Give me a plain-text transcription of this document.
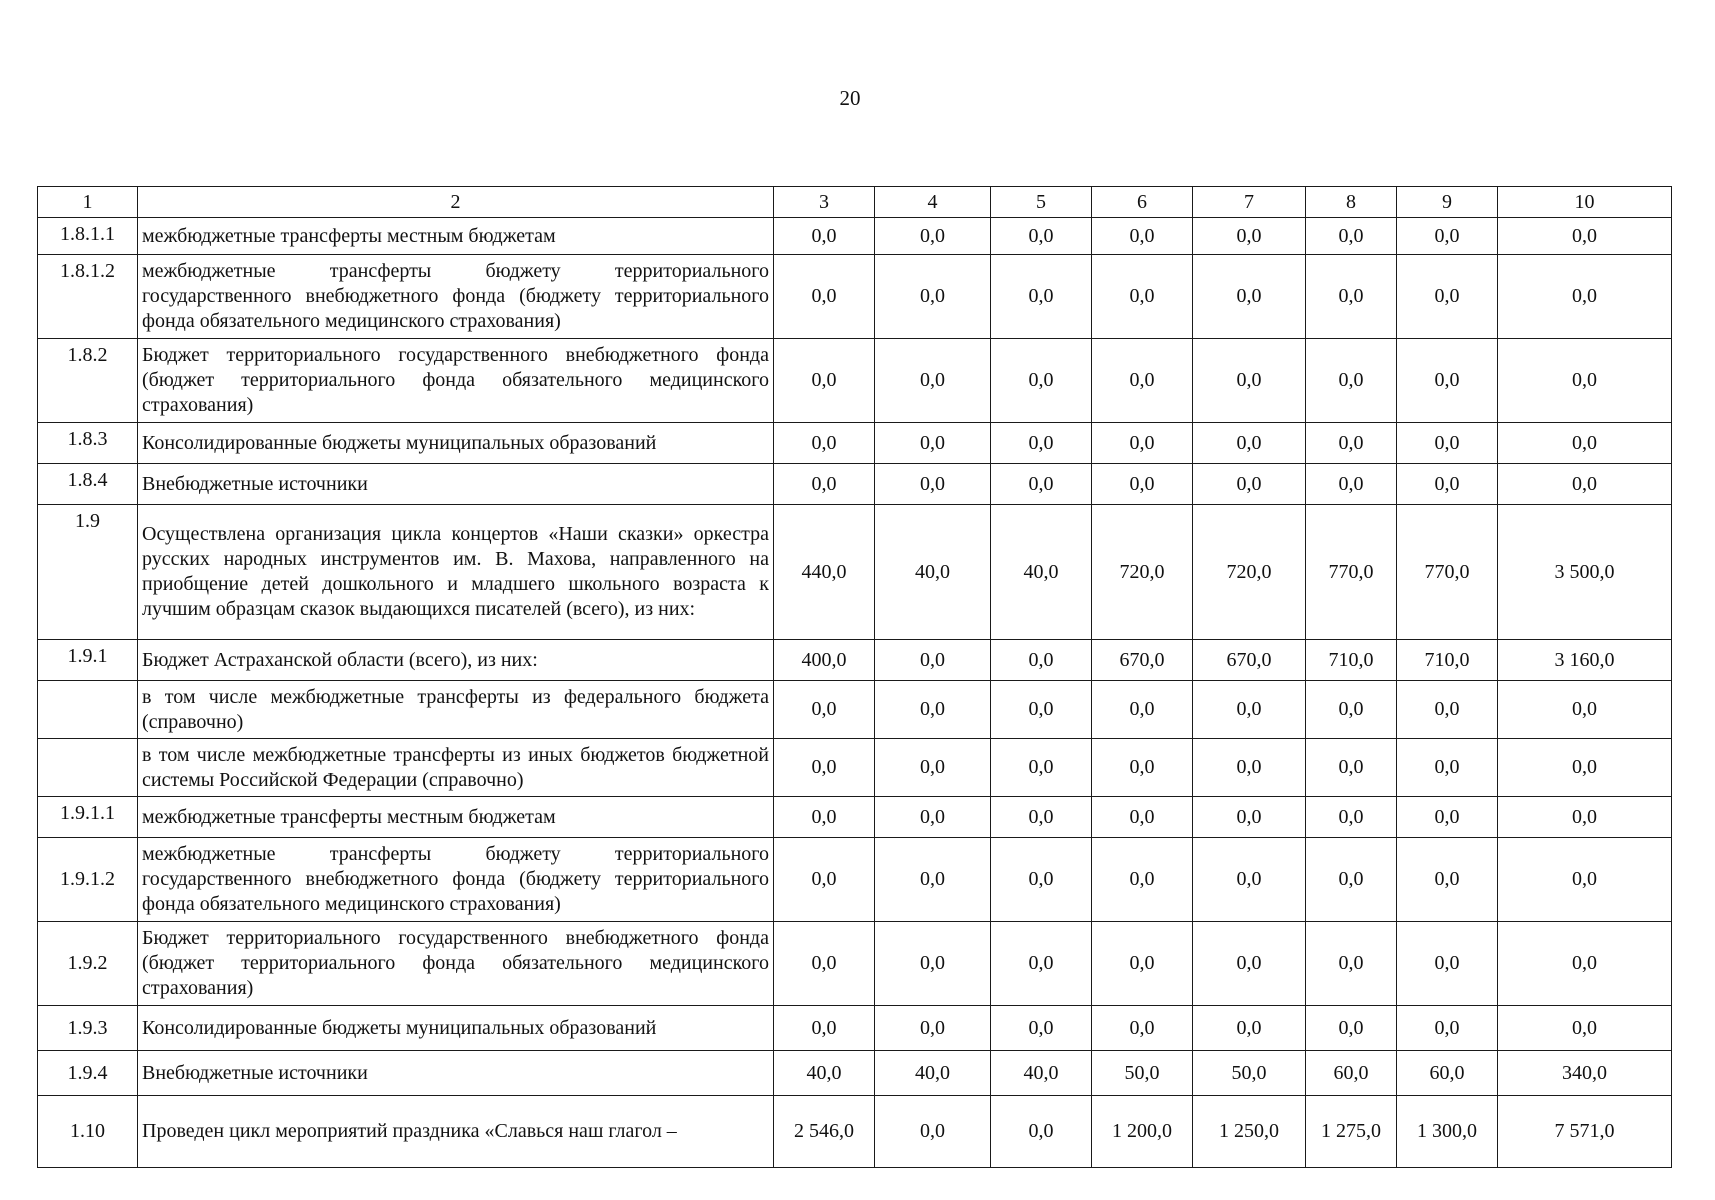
20
1	2	3	4	5	6	7	8	9	10
1.8.1.1	межбюджетные трансферты местным бюджетам	0,0	0,0	0,0	0,0	0,0	0,0	0,0	0,0
1.8.1.2	межбюджетные трансферты бюджету территориального государственного внебюджетного фонда (бюджету территориального фонда обязательного медицинского страхования)	0,0	0,0	0,0	0,0	0,0	0,0	0,0	0,0
1.8.2	Бюджет территориального государственного внебюджетного фонда (бюджет территориального фонда обязательного медицинского страхования)	0,0	0,0	0,0	0,0	0,0	0,0	0,0	0,0
1.8.3	Консолидированные бюджеты муниципальных образований	0,0	0,0	0,0	0,0	0,0	0,0	0,0	0,0
1.8.4	Внебюджетные источники	0,0	0,0	0,0	0,0	0,0	0,0	0,0	0,0
1.9	Осуществлена организация цикла концертов «Наши сказки» оркестра русских народных инструментов им. В. Махова, направленного на приобщение детей дошкольного и младшего школьного возраста к лучшим образцам сказок выдающихся писателей (всего), из них:	440,0	40,0	40,0	720,0	720,0	770,0	770,0	3 500,0
1.9.1	Бюджет Астраханской области (всего), из них:	400,0	0,0	0,0	670,0	670,0	710,0	710,0	3 160,0
	в том числе межбюджетные трансферты из федерального бюджета (справочно)	0,0	0,0	0,0	0,0	0,0	0,0	0,0	0,0
	в том числе межбюджетные трансферты из иных бюджетов бюджетной системы Российской Федерации (справочно)	0,0	0,0	0,0	0,0	0,0	0,0	0,0	0,0
1.9.1.1	межбюджетные трансферты местным бюджетам	0,0	0,0	0,0	0,0	0,0	0,0	0,0	0,0
1.9.1.2	межбюджетные трансферты бюджету территориального государственного внебюджетного фонда (бюджету территориального фонда обязательного медицинского страхования)	0,0	0,0	0,0	0,0	0,0	0,0	0,0	0,0
1.9.2	Бюджет территориального государственного внебюджетного фонда (бюджет территориального фонда обязательного медицинского страхования)	0,0	0,0	0,0	0,0	0,0	0,0	0,0	0,0
1.9.3	Консолидированные бюджеты муниципальных образований	0,0	0,0	0,0	0,0	0,0	0,0	0,0	0,0
1.9.4	Внебюджетные источники	40,0	40,0	40,0	50,0	50,0	60,0	60,0	340,0
1.10	Проведен цикл мероприятий праздника «Славься наш глагол –	2 546,0	0,0	0,0	1 200,0	1 250,0	1 275,0	1 300,0	7 571,0
